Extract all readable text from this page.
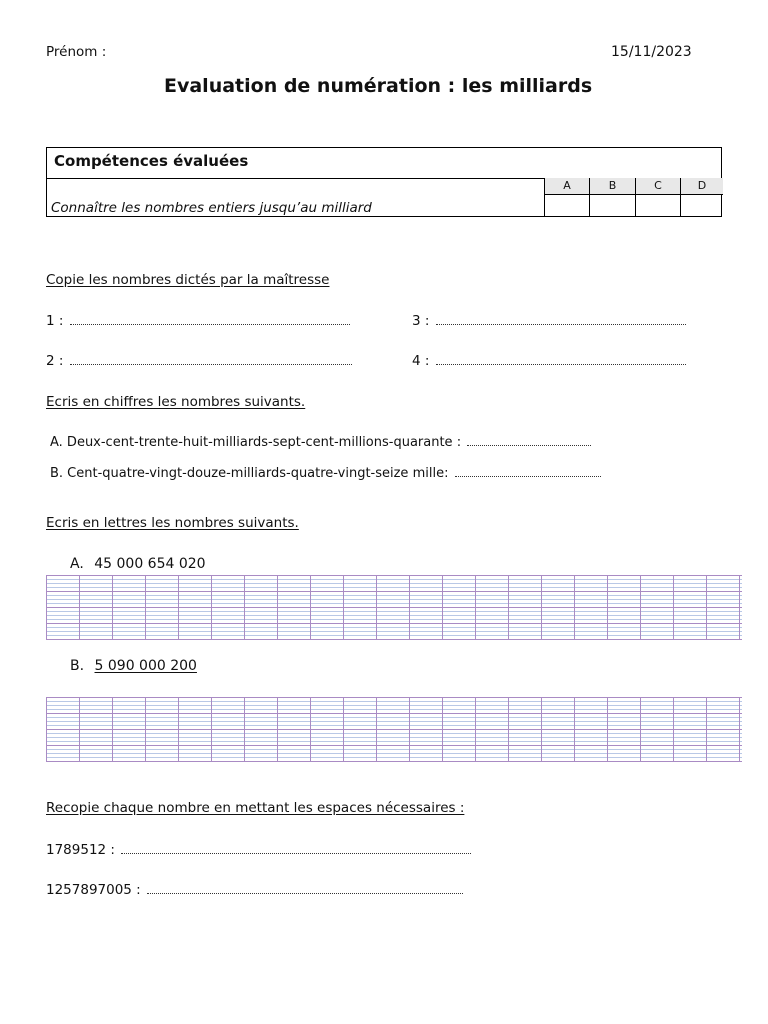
Prénom :	15/11/2023
Evaluation de numération : les milliards
Compétences évaluées
Connaître les nombres entiers jusqu’au milliard
A	B	C	D
Copie les nombres dictés par la maîtresse
1 :	3 :
2 :	4 :
Ecris en chiffres les nombres suivants.
A. Deux-cent-trente-huit-milliards-sept-cent-millions-quarante :
B. Cent-quatre-vingt-douze-milliards-quatre-vingt-seize mille:
Ecris en lettres les nombres suivants.
A. 45 000 654 020
B. 5 090 000 200
Recopie chaque nombre en mettant les espaces nécessaires :
1789512 :
1257897005 :
